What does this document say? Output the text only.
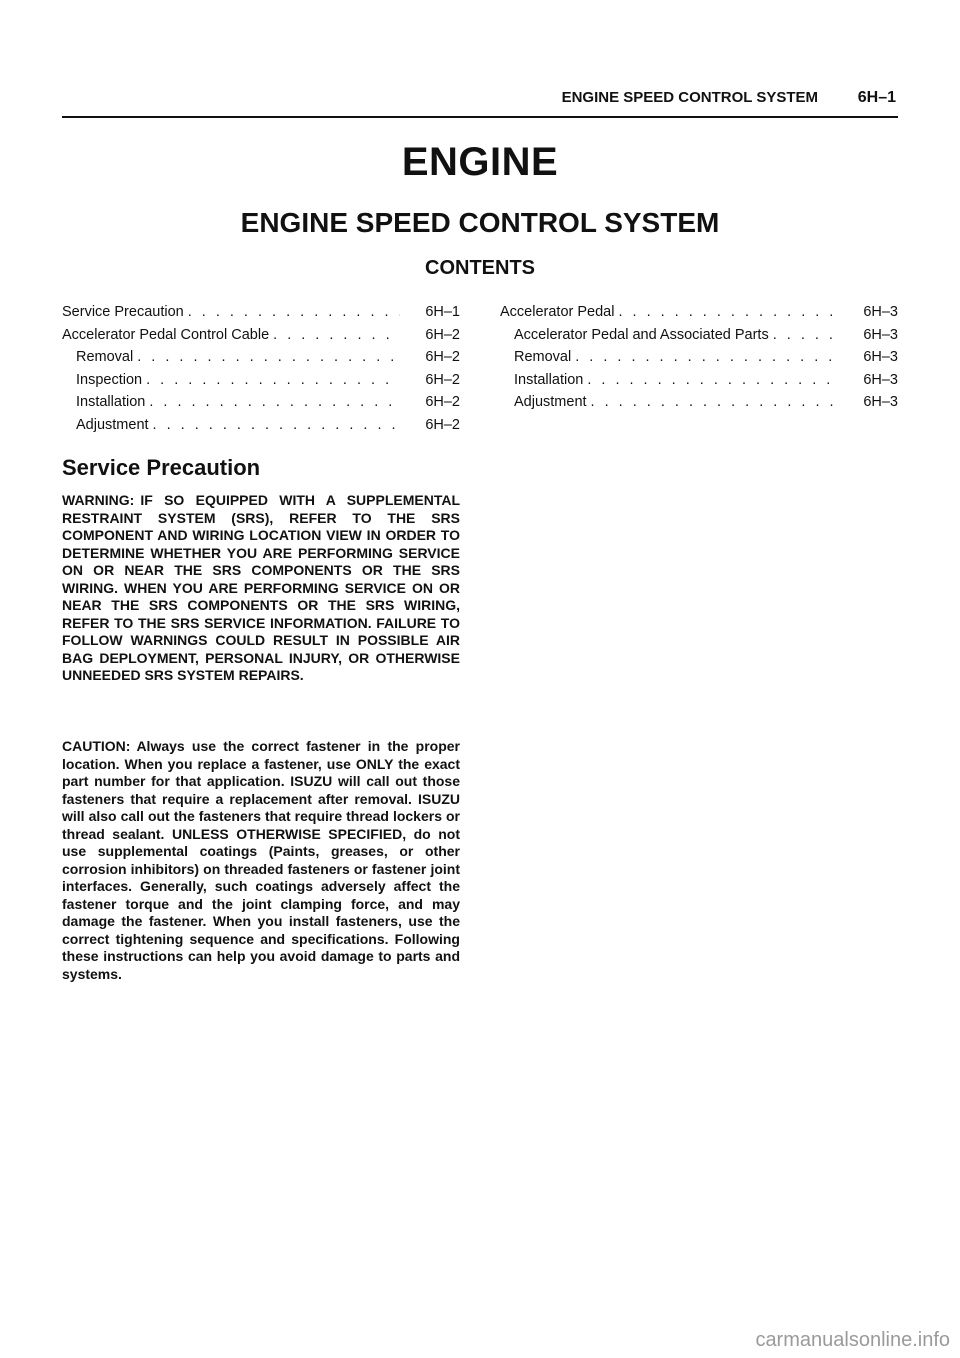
ENGINE SPEED CONTROL SYSTEM 6H–1
ENGINE
ENGINE SPEED CONTROL SYSTEM
CONTENTS
Service Precaution . . .	6H–1
Accelerator Pedal Control Cable . . .	6H–2
Removal . . .	6H–2
Inspection . . .	6H–2
Installation . . .	6H–2
Adjustment . . .	6H–2
Accelerator Pedal . . .	6H–3
Accelerator Pedal and Associated Parts . . .	6H–3
Removal . . .	6H–3
Installation . . .	6H–3
Adjustment . . .	6H–3
Service Precaution
WARNING: IF SO EQUIPPED WITH A SUPPLEMENTAL RESTRAINT SYSTEM (SRS), REFER TO THE SRS COMPONENT AND WIRING LOCATION VIEW IN ORDER TO DETERMINE WHETHER YOU ARE PERFORMING SERVICE ON OR NEAR THE SRS COMPONENTS OR THE SRS WIRING. WHEN YOU ARE PERFORMING SERVICE ON OR NEAR THE SRS COMPONENTS OR THE SRS WIRING, REFER TO THE SRS SERVICE INFORMATION. FAILURE TO FOLLOW WARNINGS COULD RESULT IN POSSIBLE AIR BAG DEPLOYMENT, PERSONAL INJURY, OR OTHERWISE UNNEEDED SRS SYSTEM REPAIRS.
CAUTION: Always use the correct fastener in the proper location. When you replace a fastener, use ONLY the exact part number for that application. ISUZU will call out those fasteners that require a replacement after removal. ISUZU will also call out the fasteners that require thread lockers or thread sealant. UNLESS OTHERWISE SPECIFIED, do not use supplemental coatings (Paints, greases, or other corrosion inhibitors) on threaded fasteners or fastener joint interfaces. Generally, such coatings adversely affect the fastener torque and the joint clamping force, and may damage the fastener. When you install fasteners, use the correct tightening sequence and specifications. Following these instructions can help you avoid damage to parts and systems.
carmanualsonline.info
